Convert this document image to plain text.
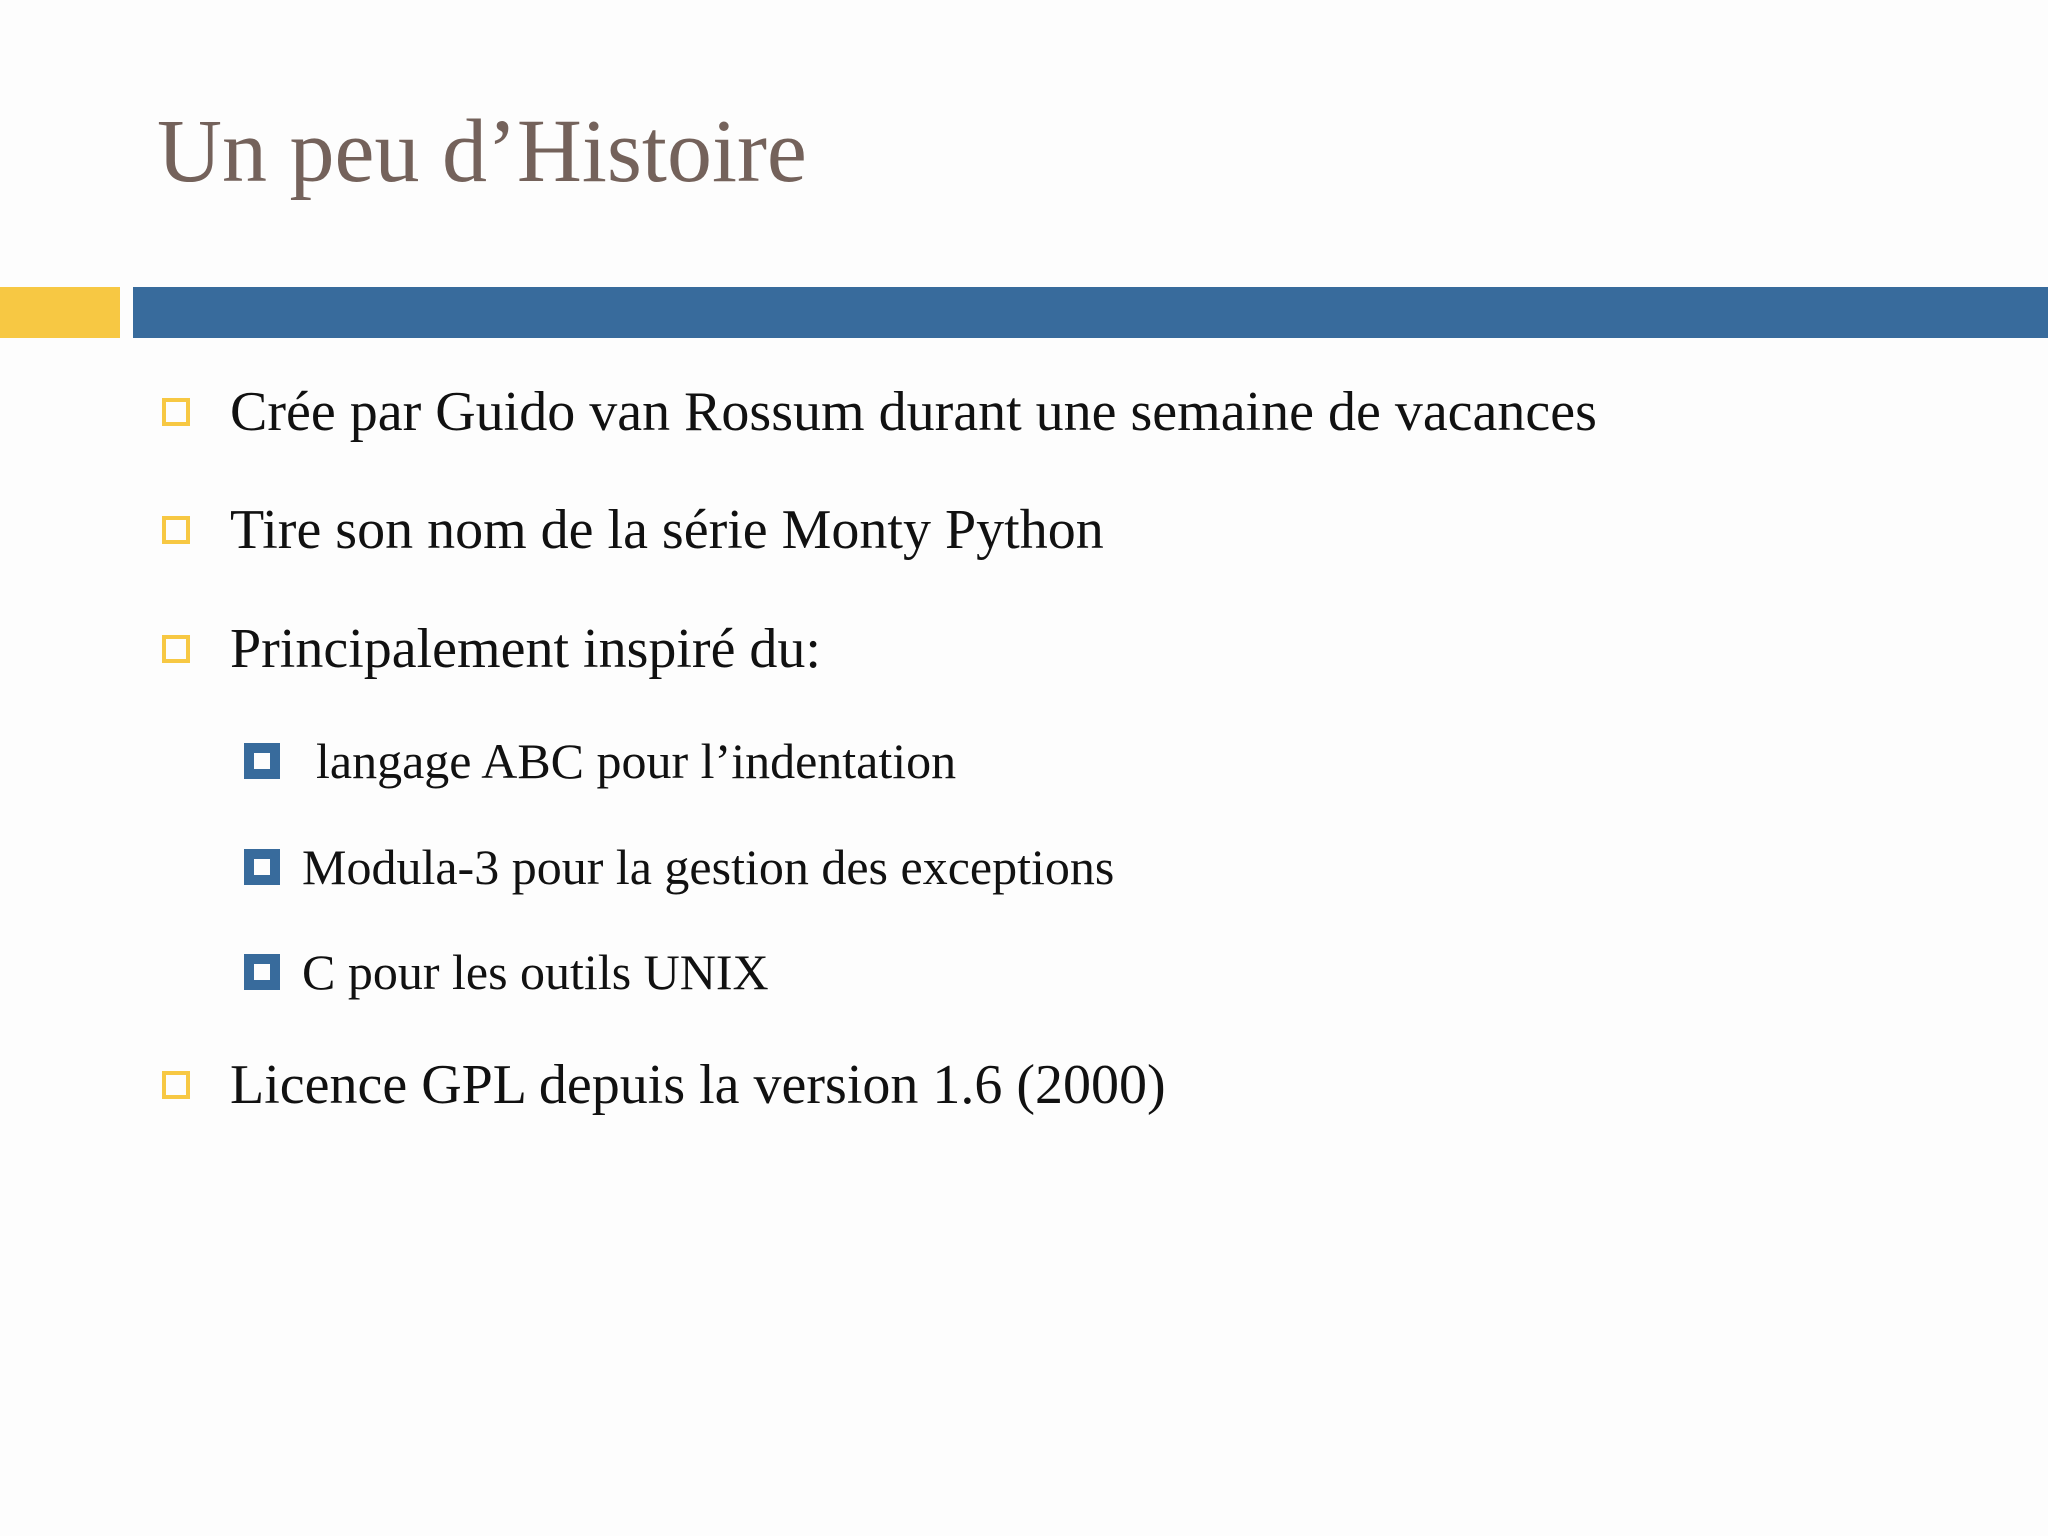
Un peu d’Histoire
Crée par Guido van Rossum durant une semaine de vacances
Tire son nom de la série Monty Python
Principalement inspiré du:
langage ABC pour l’indentation
Modula-3 pour la gestion des exceptions
C pour les outils UNIX
Licence GPL depuis la version 1.6 (2000)
